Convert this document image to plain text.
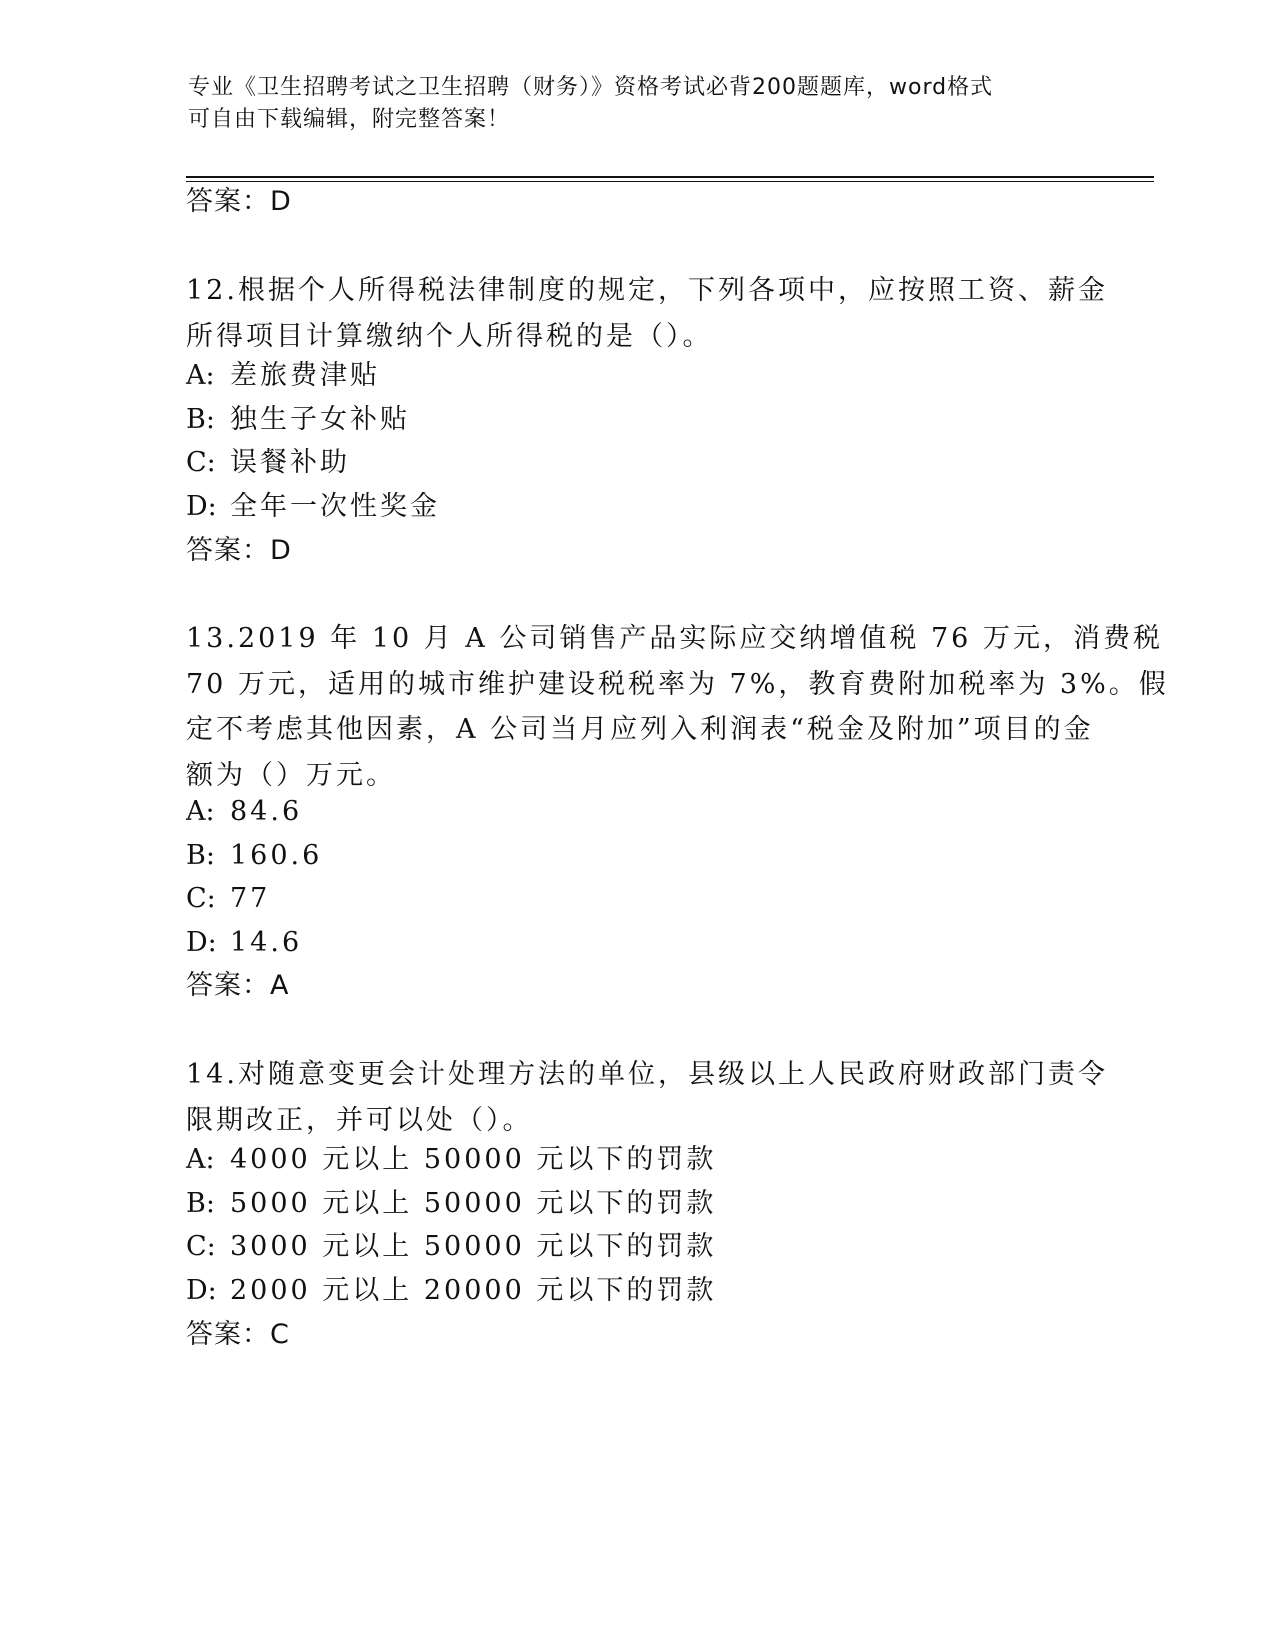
专业《卫生招聘考试之卫生招聘（财务）》资格考试必背200题题库，word格式
可自由下载编辑，附完整答案！
答案：D
12.根据个人所得税法律制度的规定，下列各项中，应按照工资、薪金
所得项目计算缴纳个人所得税的是（）。
A: 差旅费津贴
B: 独生子女补贴
C: 误餐补助
D: 全年一次性奖金
答案：D
13.2019 年 10 月 A 公司销售产品实际应交纳增值税 76 万元，消费税
70 万元，适用的城市维护建设税税率为 7%，教育费附加税率为 3%。假
定不考虑其他因素，A 公司当月应列入利润表“税金及附加”项目的金
额为（）万元。
A: 84.6
B: 160.6
C: 77
D: 14.6
答案：A
14.对随意变更会计处理方法的单位，县级以上人民政府财政部门责令
限期改正，并可以处（）。
A: 4000 元以上 50000 元以下的罚款
B: 5000 元以上 50000 元以下的罚款
C: 3000 元以上 50000 元以下的罚款
D: 2000 元以上 20000 元以下的罚款
答案：C
